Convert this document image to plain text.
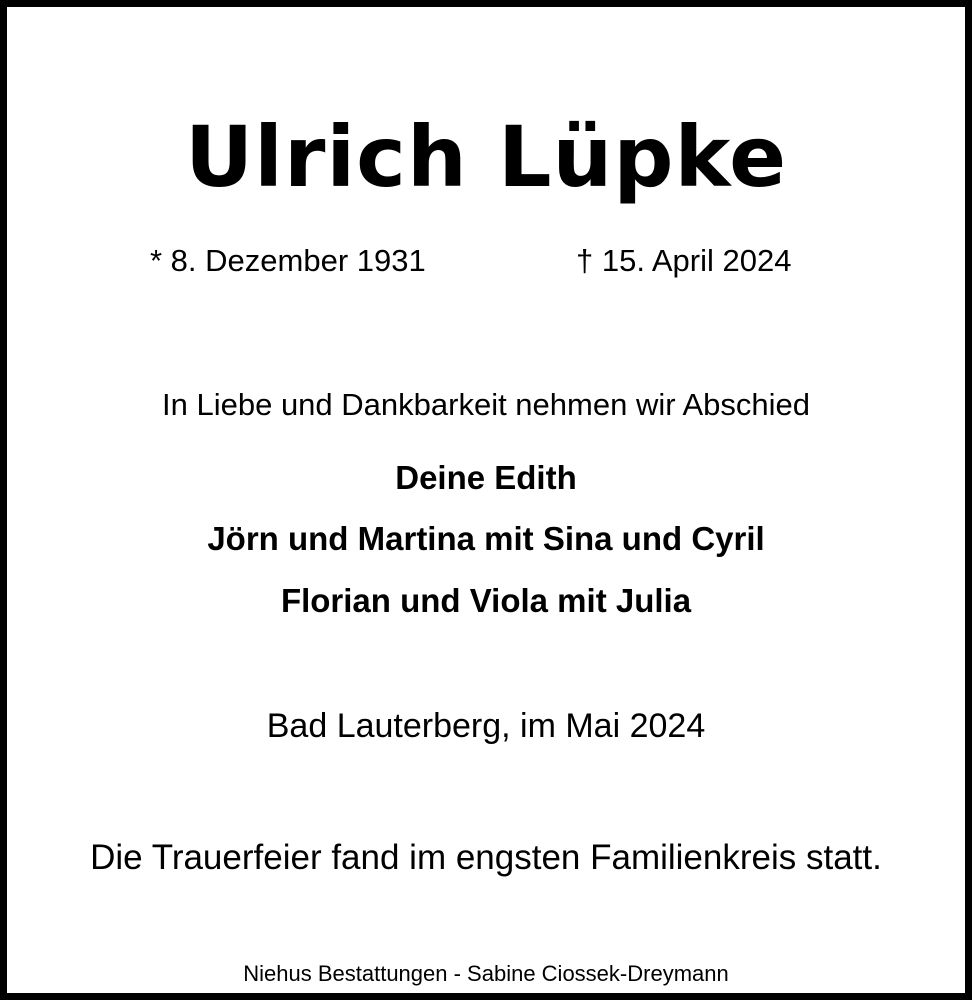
Ulrich Lüpke
* 8. Dezember 1931	† 15. April 2024
In Liebe und Dankbarkeit nehmen wir Abschied
Deine Edith
Jörn und Martina mit Sina und Cyril
Florian und Viola mit Julia
Bad Lauterberg, im Mai 2024
Die Trauerfeier fand im engsten Familienkreis statt.
Niehus Bestattungen - Sabine Ciossek-Dreymann
